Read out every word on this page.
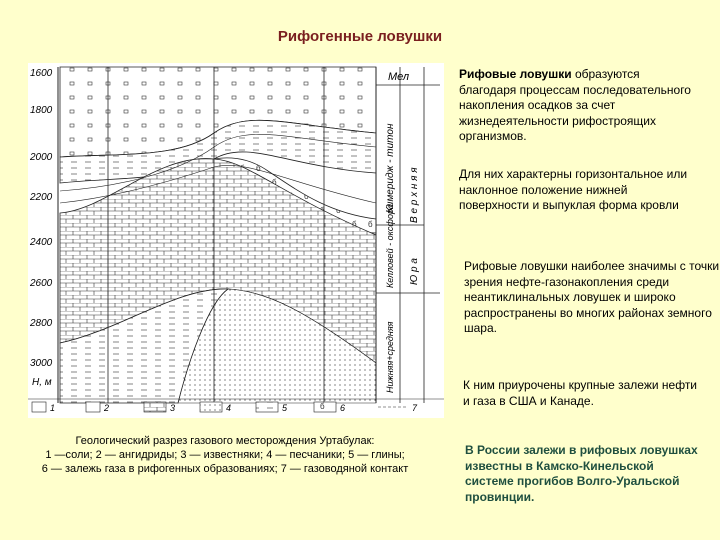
Рифогенные ловушки
1600
1800
2000
2200
2400
2600
2800
3000
H, м
Мел
Кимеридж - титон
Келловей - оксфорд
Нижняя+средняя
В е р х н я я
Ю р а
1	2	3	4	5	6	7

Геологический разрез газового месторождения Уртабулак:

1 —соли; 2 — ангидриды; 3 — известняки; 4 — песчаники; 5 — глины;

6 — залежь газа в рифогенных образованиях; 7 — газоводяной контакт

Рифовые ловушки образуются благодаря процессам последовательного накопления осадков за счет жизнедеятельности рифостроящих организмов.
Для них характерны горизонтальное или наклонное положение нижней поверхности и выпуклая форма кровли
Рифовые ловушки наиболее значимы с точки зрения нефте-газонакопления среди неантиклинальных ловушек и широко распространены во многих районах земного шара.
К ним приурочены крупные залежи нефти и газа в США и Канаде.
В России залежи в рифовых ловушках известны в Камско-Кинельской системе прогибов Волго-Уральской провинции.
